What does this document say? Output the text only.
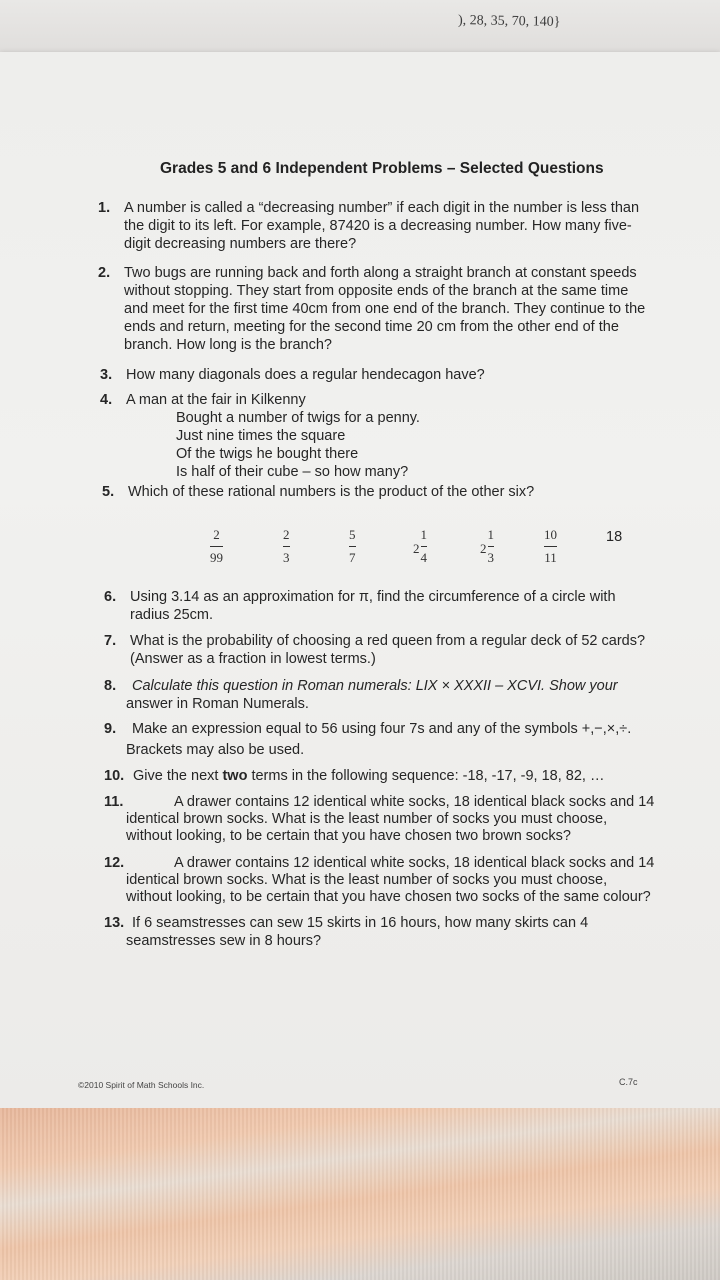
), 28, 35, 70, 140}
Grades 5 and 6 Independent Problems – Selected Questions
1. A number is called a “decreasing number” if each digit in the number is less than
the digit to its left. For example, 87420 is a decreasing number. How many five-
digit decreasing numbers are there?
2. Two bugs are running back and forth along a straight branch at constant speeds
without stopping. They start from opposite ends of the branch at the same time
and meet for the first time 40cm from one end of the branch. They continue to the
ends and return, meeting for the second time 20 cm from the other end of the
branch. How long is the branch?
3. How many diagonals does a regular hendecagon have?
4. A man at the fair in Kilkenny
Bought a number of twigs for a penny.
Just nine times the square
Of the twigs he bought there
Is half of their cube – so how many?
5. Which of these rational numbers is the product of the other six?
2
99
2
3
5
7
$2 \frac{1}{4}$	$2 \frac{1}{3}$	10
11
18
6. Using 3.14 as an approximation for π, find the circumference of a circle with
radius 25cm.
7. What is the probability of choosing a red queen from a regular deck of 52 cards?
(Answer as a fraction in lowest terms.)
8. Calculate this question in Roman numerals: LIX × XXXII – XCVI. Show your
answer in Roman Numerals.
9. Make an expression equal to 56 using four 7s and any of the symbols +,−,×,÷.
Brackets may also be used.
10. Give the next two terms in the following sequence: -18, -17, -9, 18, 82, …
11.	A drawer contains 12 identical white socks, 18 identical black socks and 14
identical brown socks. What is the least number of socks you must choose,
without looking, to be certain that you have chosen two brown socks?
12.	A drawer contains 12 identical white socks, 18 identical black socks and 14
identical brown socks. What is the least number of socks you must choose,
without looking, to be certain that you have chosen two socks of the same colour?
13. If 6 seamstresses can sew 15 skirts in 16 hours, how many skirts can 4
seamstresses sew in 8 hours?
©2010 Spirit of Math Schools Inc.	C.7c
